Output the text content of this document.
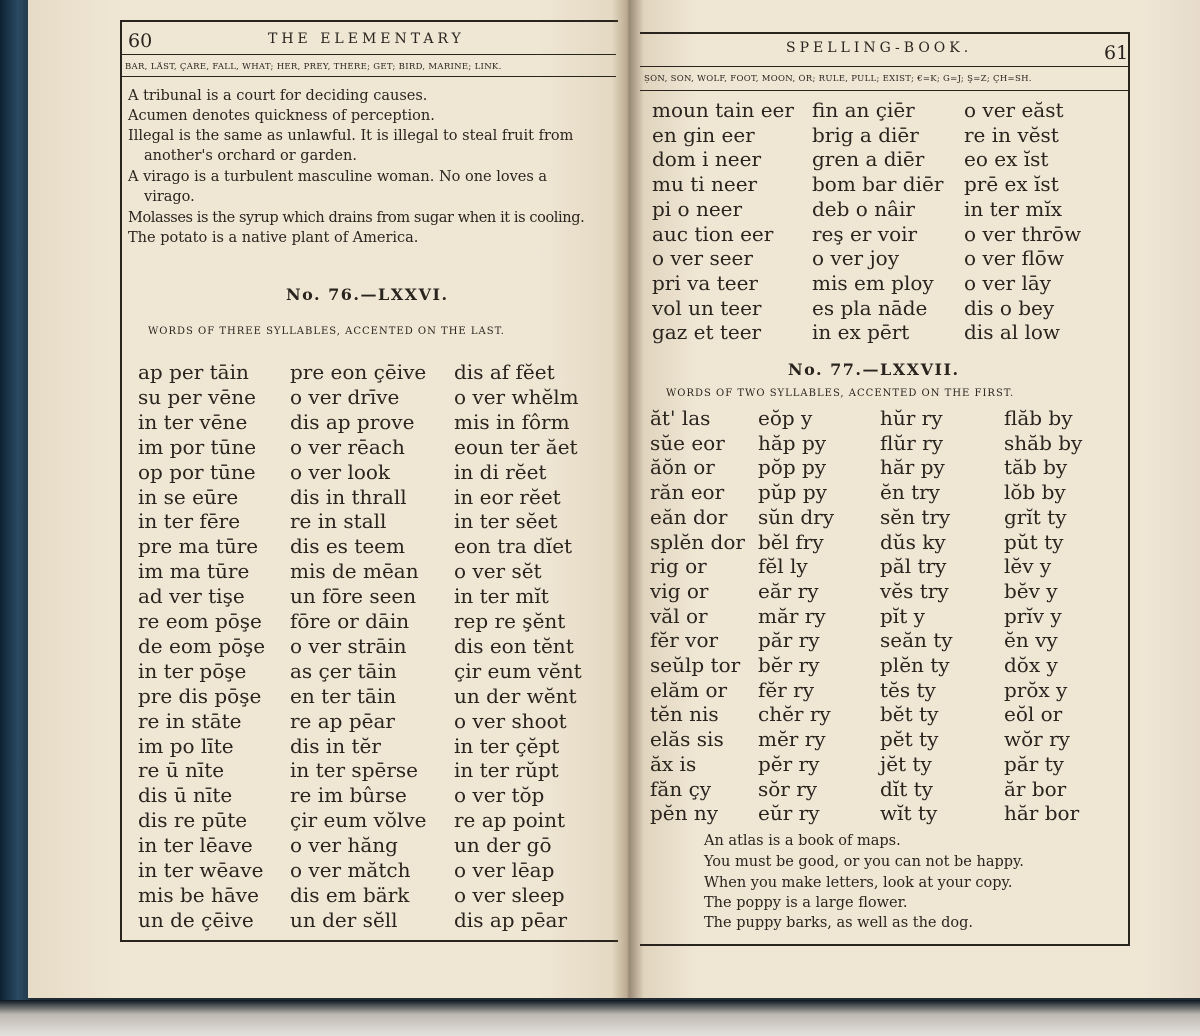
60	THE ELEMENTARY
BÄR, LÅST, ÇÂRE, FALL, WHAT; HẼR, PREY, THÊRE; ĠET; BÏRD, MARÏNE; LIṄK.
A tribunal is a court for deciding causes.
Acumen denotes quickness of perception.
Illegal is the same as unlawful. It is illegal to steal fruit from
another's orchard or garden.
A virago is a turbulent masculine woman. No one loves a
virago.
Molasses is the syrup which drains from sugar when it is cooling.
The potato is a native plant of America.
No. 76.—LXXVI.
WORDS OF THREE SYLLABLES, ACCENTED ON THE LAST.
ap per tāin
su per vēne
in ter vēne
im por tūne
op por tūne
in se eūre
in ter fēre
pre ma tūre
im ma tūre
ad ver tişe
re eom pōşe
de eom pōşe
in ter pōşe
pre dis pōşe
re in stāte
im po līte
re ū nīte
dis ū nīte
dis re pūte
in ter lēave
in ter wēave
mis be hāve
un de çēive
pre eon çēive
o ver drīve
dis ap prove
o ver rēach
o ver look
dis in thrall
re in stall
dis es teem
mis de mēan
un fōre seen
fōre or dāin
o ver strāin
as çer tāin
en ter tāin
re ap pēar
dis in tĕr
in ter spērse
re im bûrse
çir eum vŏlve
o ver hăng
o ver mătch
dis em bärk
un der sĕll
dis af fĕet
o ver whĕlm
mis in fôrm
eoun ter ăet
in di rĕet
in eor rĕet
in ter sĕet
eon tra dĭet
o ver sĕt
in ter mĭt
rep re şĕnt
dis eon tĕnt
çir eum vĕnt
un der wĕnt
o ver shoot
in ter çĕpt
in ter rŭpt
o ver tŏp
re ap point
un der gō
o ver lēap
o ver sleep
dis ap pēar
SPELLING-BOOK.	61
ṢÔN, SŎN, WOLF, FOOT, MOON, ŌR; RULE, PULL; EXIST; €=K; Ġ=J; Ş=Z; ÇH=SH.
moun tain eer
en gin eer
dom i neer
mu ti neer
pi o neer
auc tion eer
o ver seer
pri va teer
vol un teer
gaz et teer
fin an çiēr
brig a diēr
gren a diēr
bom bar diēr
deb o nâir
reş er voir
o ver joy
mis em ploy
es pla nāde
in ex pērt
o ver eăst
re in vĕst
eo ex ĭst
prē ex ĭst
in ter mĭx
o ver thrōw
o ver flōw
o ver lāy
dis o bey
dis al low
No. 77.—LXXVII.
WORDS OF TWO SYLLABLES, ACCENTED ON THE FIRST.
ăt' las
sŭe eor
ăŏn or
răn eor
eăn dor
splĕn dor
rig or
vig or
văl or
fĕr vor
seŭlp tor
elăm or
tĕn nis
elăs sis
ăx is
făn çy
pĕn ny
eŏp y
hăp py
pŏp py
pŭp py
sŭn dry
bĕl fry
fĕl ly
eăr ry
măr ry
păr ry
bĕr ry
fĕr ry
chĕr ry
mĕr ry
pĕr ry
sŏr ry
eŭr ry
hŭr ry
flŭr ry
hăr py
ĕn try
sĕn try
dŭs ky
păl try
vĕs try
pĭt y
seăn ty
plĕn ty
tĕs ty
bĕt ty
pĕt ty
jĕt ty
dĭt ty
wĭt ty
flăb by
shăb by
tăb by
lŏb by
grĭt ty
pŭt ty
lĕv y
bĕv y
prĭv y
ĕn vy
dŏx y
prŏx y
eŏl or
wŏr ry
păr ty
ăr bor
hăr bor
An atlas is a book of maps.
You must be good, or you can not be happy.
When you make letters, look at your copy.
The poppy is a large flower.
The puppy barks, as well as the dog.
